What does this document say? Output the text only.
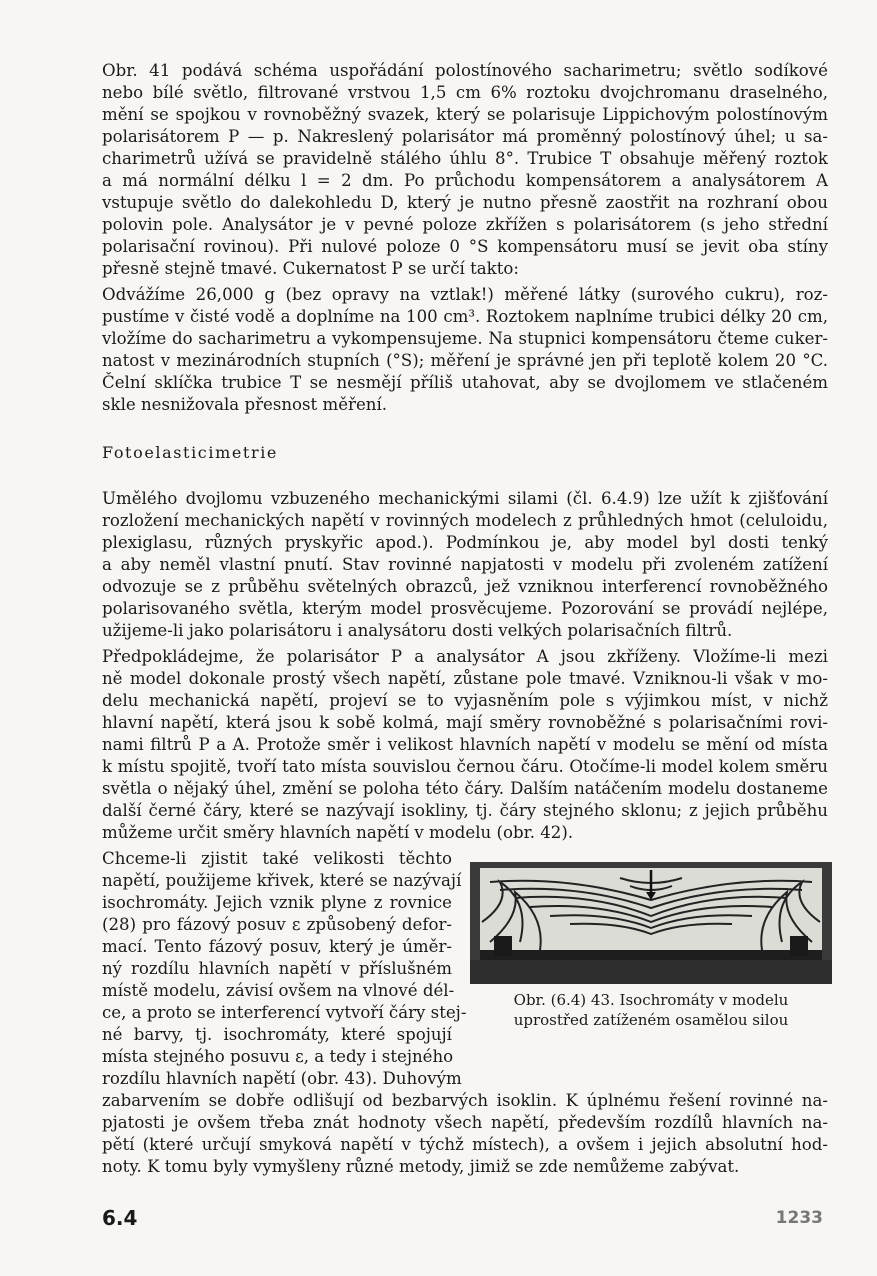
Obr. 41 podává schéma uspořádání polostínového sacharimetru; světlo sodíkové
nebo bílé světlo, filtrované vrstvou 1,5 cm 6% roztoku dvojchromanu draselného,
mění se spojkou v rovnoběžný svazek, který se polarisuje Lippichovým polostínovým
polarisátorem P — p. Nakreslený polarisátor má proměnný polostínový úhel; u sa-
charimetrů užívá se pravidelně stálého úhlu 8°. Trubice T obsahuje měřený roztok
a má normální délku l = 2 dm. Po průchodu kompensátorem a analysátorem A
vstupuje světlo do dalekohledu D, který je nutno přesně zaostřit na rozhraní obou
polovin pole. Analysátor je v pevné poloze zkřížen s polarisátorem (s jeho střední
polarisační rovinou). Při nulové poloze 0 °S kompensátoru musí se jevit oba stíny
přesně stejně tmavé. Cukernatost P se určí takto:
Odvážíme 26,000 g (bez opravy na vztlak!) měřené látky (surového cukru), roz-
pustíme v čisté vodě a doplníme na 100 cm³. Roztokem naplníme trubici délky 20 cm,
vložíme do sacharimetru a vykompensujeme. Na stupnici kompensátoru čteme cuker-
natost v mezinárodních stupních (°S); měření je správné jen při teplotě kolem 20 °C.
Čelní sklíčka trubice T se nesmějí příliš utahovat, aby se dvojlomem ve stlačeném
skle nesnižovala přesnost měření.
Fotoelasticimetrie
Umělého dvojlomu vzbuzeného mechanickými silami (čl. 6.4.9) lze užít k zjišťování
rozložení mechanických napětí v rovinných modelech z průhledných hmot (celuloidu,
plexiglasu, různých pryskyřic apod.). Podmínkou je, aby model byl dosti tenký
a aby neměl vlastní pnutí. Stav rovinné napjatosti v modelu při zvoleném zatížení
odvozuje se z průběhu světelných obrazců, jež vzniknou interferencí rovnoběžného
polarisovaného světla, kterým model prosvěcujeme. Pozorování se provádí nejlépe,
užijeme-li jako polarisátoru i analysátoru dosti velkých polarisačních filtrů.
Předpokládejme, že polarisátor P a analysátor A jsou zkříženy. Vložíme-li mezi
ně model dokonale prostý všech napětí, zůstane pole tmavé. Vzniknou-li však v mo-
delu mechanická napětí, projeví se to vyjasněním pole s výjimkou míst, v nichž
hlavní napětí, která jsou k sobě kolmá, mají směry rovnoběžné s polarisačními rovi-
nami filtrů P a A. Protože směr i velikost hlavních napětí v modelu se mění od místa
k místu spojitě, tvoří tato místa souvislou černou čáru. Otočíme-li model kolem směru
světla o nějaký úhel, změní se poloha této čáry. Dalším natáčením modelu dostaneme
další černé čáry, které se nazývají isokliny, tj. čáry stejného sklonu; z jejich průběhu
můžeme určit směry hlavních napětí v modelu (obr. 42).
Chceme-li zjistit také velikosti těchto
napětí, použijeme křivek, které se nazývají
isochromáty. Jejich vznik plyne z rovnice
(28) pro fázový posuv ε způsobený defor-
mací. Tento fázový posuv, který je úměr-
ný rozdílu hlavních napětí v příslušném
místě modelu, závisí ovšem na vlnové dél-
ce, a proto se interferencí vytvoří čáry stej-
né barvy, tj. isochromáty, které spojují
místa stejného posuvu ε, a tedy i stejného
rozdílu hlavních napětí (obr. 43). Duhovým
zabarvením se dobře odlišují od bezbarvých isoklin. K úplnému řešení rovinné na-
pjatosti je ovšem třeba znát hodnoty všech napětí, především rozdílů hlavních na-
pětí (které určují smyková napětí v týchž místech), a ovšem i jejich absolutní hod-
noty. K tomu byly vymyšleny různé metody, jimiž se zde nemůžeme zabývat.
Obr. (6.4) 43. Isochromáty v modelu
uprostřed zatíženém osamělou silou
6.4	1233
